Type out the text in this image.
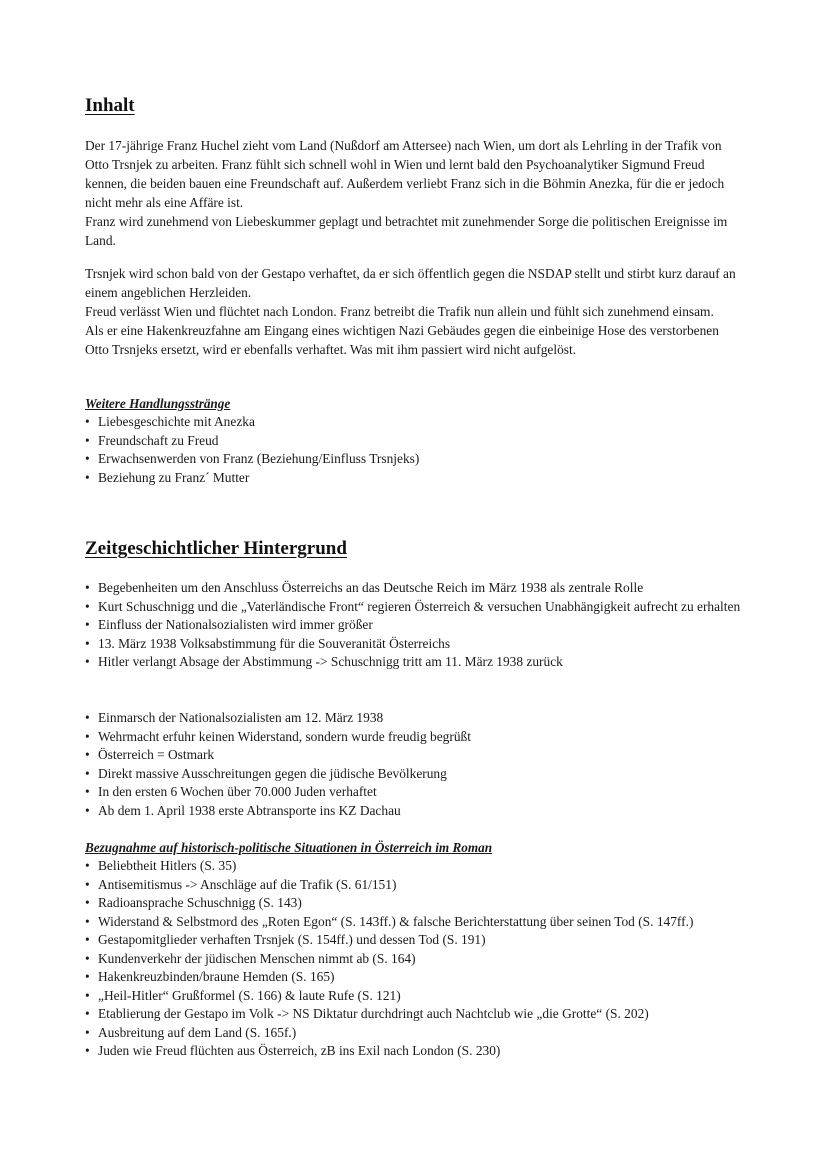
Inhalt

Der 17-jährige Franz Huchel zieht vom Land (Nußdorf am Attersee) nach Wien, um dort als Lehrling in der Trafik von Otto Trsnjek zu arbeiten. Franz fühlt sich schnell wohl in Wien und lernt bald den Psychoanalytiker Sigmund Freud kennen, die beiden bauen eine Freundschaft auf. Außerdem verliebt Franz sich in die Böhmin Anezka, für die er jedoch nicht mehr als eine Affäre ist.

Franz wird zunehmend von Liebeskummer geplagt und betrachtet mit zunehmender Sorge die politischen Ereignisse im Land.

Trsnjek wird schon bald von der Gestapo verhaftet, da er sich öffentlich gegen die NSDAP stellt und stirbt kurz darauf an einem angeblichen Herzleiden.

Freud verlässt Wien und flüchtet nach London. Franz betreibt die Trafik nun allein und fühlt sich zunehmend einsam.

Als er eine Hakenkreuzfahne am Eingang eines wichtigen Nazi Gebäudes gegen die einbeinige Hose des verstorbenen Otto Trsnjeks ersetzt, wird er ebenfalls verhaftet. Was mit ihm passiert wird nicht aufgelöst.

Weitere Handlungsstränge
• Liebesgeschichte mit Anezka
• Freundschaft zu Freud
• Erwachsenwerden von Franz (Beziehung/Einfluss Trsnjeks)
• Beziehung zu Franz´ Mutter
Zeitgeschichtlicher Hintergrund
• Begebenheiten um den Anschluss Österreichs an das Deutsche Reich im März 1938 als zentrale Rolle
• Kurt Schuschnigg und die „Vaterländische Front“ regieren Österreich & versuchen Unabhängigkeit aufrecht zu erhalten
• Einfluss der Nationalsozialisten wird immer größer
• 13. März 1938 Volksabstimmung für die Souveranität Österreichs
• Hitler verlangt Absage der Abstimmung -> Schuschnigg tritt am 11. März 1938 zurück
• Einmarsch der Nationalsozialisten am 12. März 1938
• Wehrmacht erfuhr keinen Widerstand, sondern wurde freudig begrüßt
• Österreich = Ostmark
• Direkt massive Ausschreitungen gegen die jüdische Bevölkerung
• In den ersten 6 Wochen über 70.000 Juden verhaftet
• Ab dem 1. April 1938 erste Abtransporte ins KZ Dachau
Bezugnahme auf historisch-politische Situationen in Österreich im Roman
• Beliebtheit Hitlers (S. 35)
• Antisemitismus -> Anschläge auf die Trafik (S. 61/151)
• Radioansprache Schuschnigg (S. 143)
• Widerstand & Selbstmord des „Roten Egon“ (S. 143ff.) & falsche Berichterstattung über seinen Tod (S. 147ff.)
• Gestapomitglieder verhaften Trsnjek (S. 154ff.) und dessen Tod (S. 191)
• Kundenverkehr der jüdischen Menschen nimmt ab (S. 164)
• Hakenkreuzbinden/braune Hemden (S. 165)
• „Heil-Hitler“ Grußformel (S. 166) & laute Rufe (S. 121)
• Etablierung der Gestapo im Volk -> NS Diktatur durchdringt auch Nachtclub wie „die Grotte“ (S. 202)
• Ausbreitung auf dem Land (S. 165f.)
• Juden wie Freud flüchten aus Österreich, zB ins Exil nach London (S. 230)
